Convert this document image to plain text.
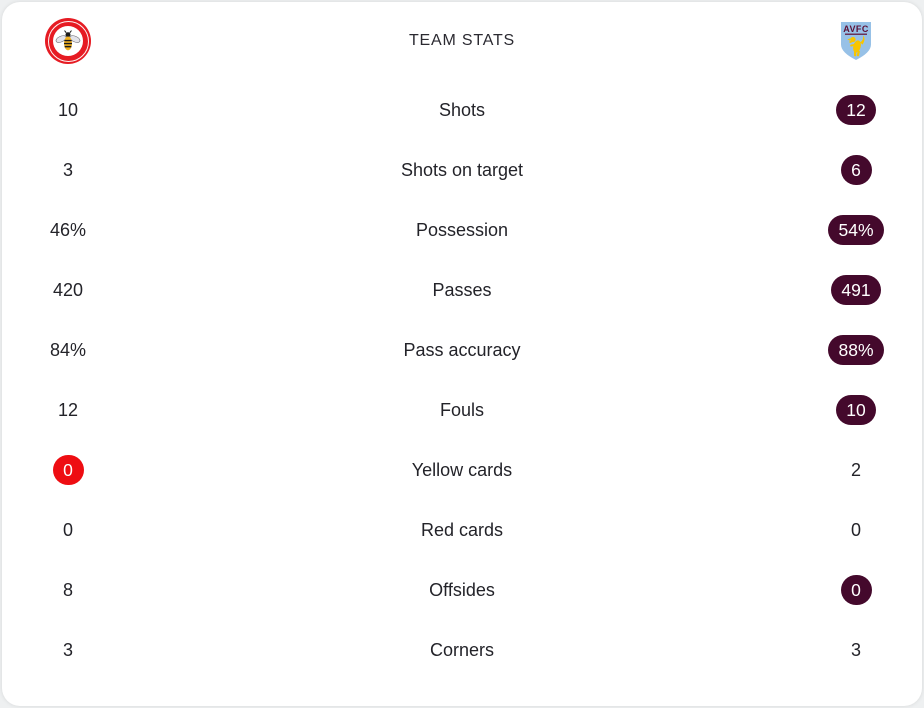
TEAM STATS
AVFC
10	Shots	12
3	Shots on target	6
46%	Possession	54%
420	Passes	491
84%	Pass accuracy	88%
12	Fouls	10
0	Yellow cards	2
0	Red cards	0
8	Offsides	0
3	Corners	3
